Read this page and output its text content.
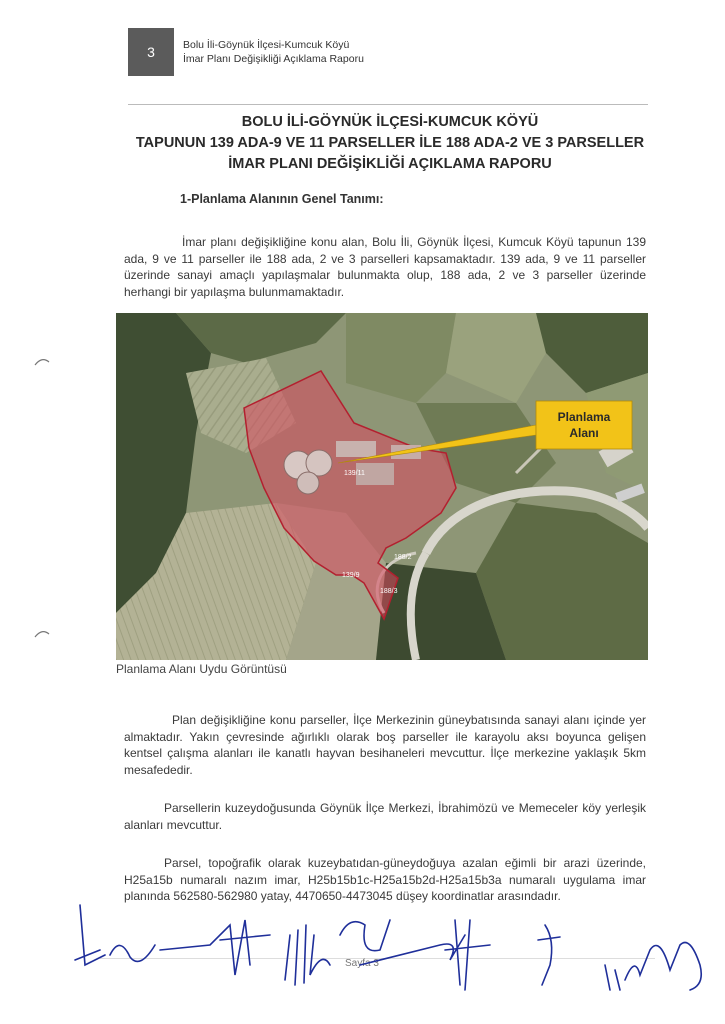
3	Bolu İli-Göynük İlçesi-Kumcuk Köyü
İmar Planı Değişikliği Açıklama Raporu
BOLU İLİ-GÖYNÜK İLÇESİ-KUMCUK KÖYÜ
TAPUNUN 139 ADA-9 VE 11 PARSELLER İLE 188 ADA-2 VE 3 PARSELLER
İMAR PLANI DEĞİŞİKLİĞİ AÇIKLAMA RAPORU
1-Planlama Alanının Genel Tanımı:
İmar planı değişikliğine konu alan, Bolu İli, Göynük İlçesi, Kumcuk Köyü tapunun 139 ada, 9 ve 11 parseller ile 188 ada, 2 ve 3 parselleri kapsamaktadır. 139 ada, 9 ve 11 parseller üzerinde sanayi amaçlı yapılaşmalar bulunmakta olup, 188 ada, 2 ve 3 parseller üzerinde herhangi bir yapılaşma bulunmamaktadır.
Planlama
Alanı
139/11
139/9
188/2
188/3
Planlama Alanı Uydu Görüntüsü
Plan değişikliğine konu parseller, İlçe Merkezinin güneybatısında sanayi alanı içinde yer almaktadır. Yakın çevresinde ağırlıklı olarak boş parseller ile karayolu aksı boyunca gelişen kentsel çalışma alanları ile kanatlı hayvan besihaneleri mevcuttur. İlçe merkezine yaklaşık 5km mesafededir.
Parsellerin kuzeydoğusunda Göynük İlçe Merkezi, İbrahimözü ve Memeceler köy yerleşik alanları mevcuttur.
Parsel, topoğrafik olarak kuzeybatıdan-güneydoğuya azalan eğimli bir arazi üzerinde, H25a15b numaralı nazım imar, H25b15b1c-H25a15b2d-H25a15b3a numaralı uygulama imar planında 562580-562980 yatay, 4470650-4473045 düşey koordinatlar arasındadır.
Sayfa 3
